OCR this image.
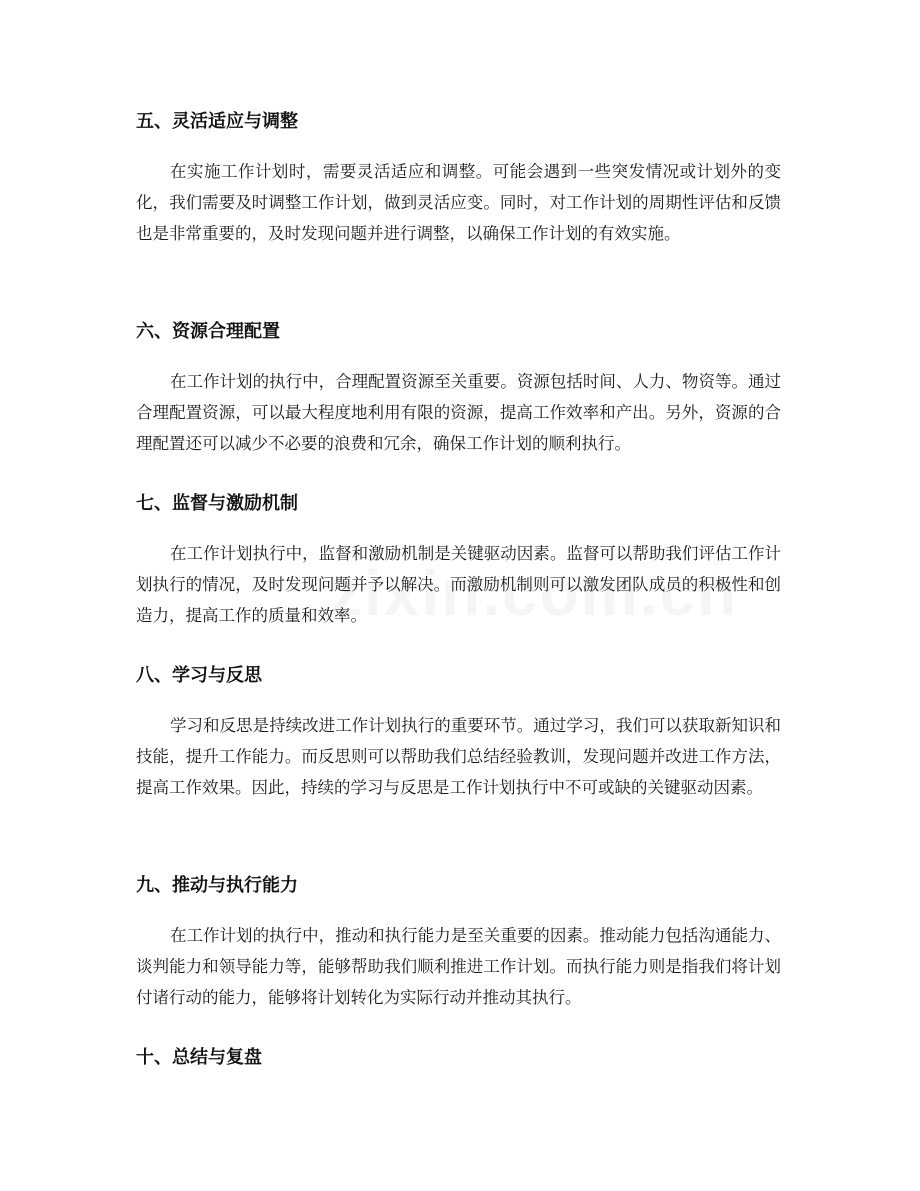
五、灵活适应与调整

在实施工作计划时，需要灵活适应和调整。可能会遇到一些突发情况或计划外的变化，我们需要及时调整工作计划，做到灵活应变。同时，对工作计划的周期性评估和反馈也是非常重要的，及时发现问题并进行调整，以确保工作计划的有效实施。

六、资源合理配置

在工作计划的执行中，合理配置资源至关重要。资源包括时间、人力、物资等。通过合理配置资源，可以最大程度地利用有限的资源，提高工作效率和产出。另外，资源的合理配置还可以减少不必要的浪费和冗余，确保工作计划的顺利执行。

七、监督与激励机制

在工作计划执行中，监督和激励机制是关键驱动因素。监督可以帮助我们评估工作计划执行的情况，及时发现问题并予以解决。而激励机制则可以激发团队成员的积极性和创造力，提高工作的质量和效率。

八、学习与反思

学习和反思是持续改进工作计划执行的重要环节。通过学习，我们可以获取新知识和技能，提升工作能力。而反思则可以帮助我们总结经验教训，发现问题并改进工作方法，提高工作效果。因此，持续的学习与反思是工作计划执行中不可或缺的关键驱动因素。

九、推动与执行能力

在工作计划的执行中，推动和执行能力是至关重要的因素。推动能力包括沟通能力、谈判能力和领导能力等，能够帮助我们顺利推进工作计划。而执行能力则是指我们将计划付诸行动的能力，能够将计划转化为实际行动并推动其执行。

十、总结与复盘
